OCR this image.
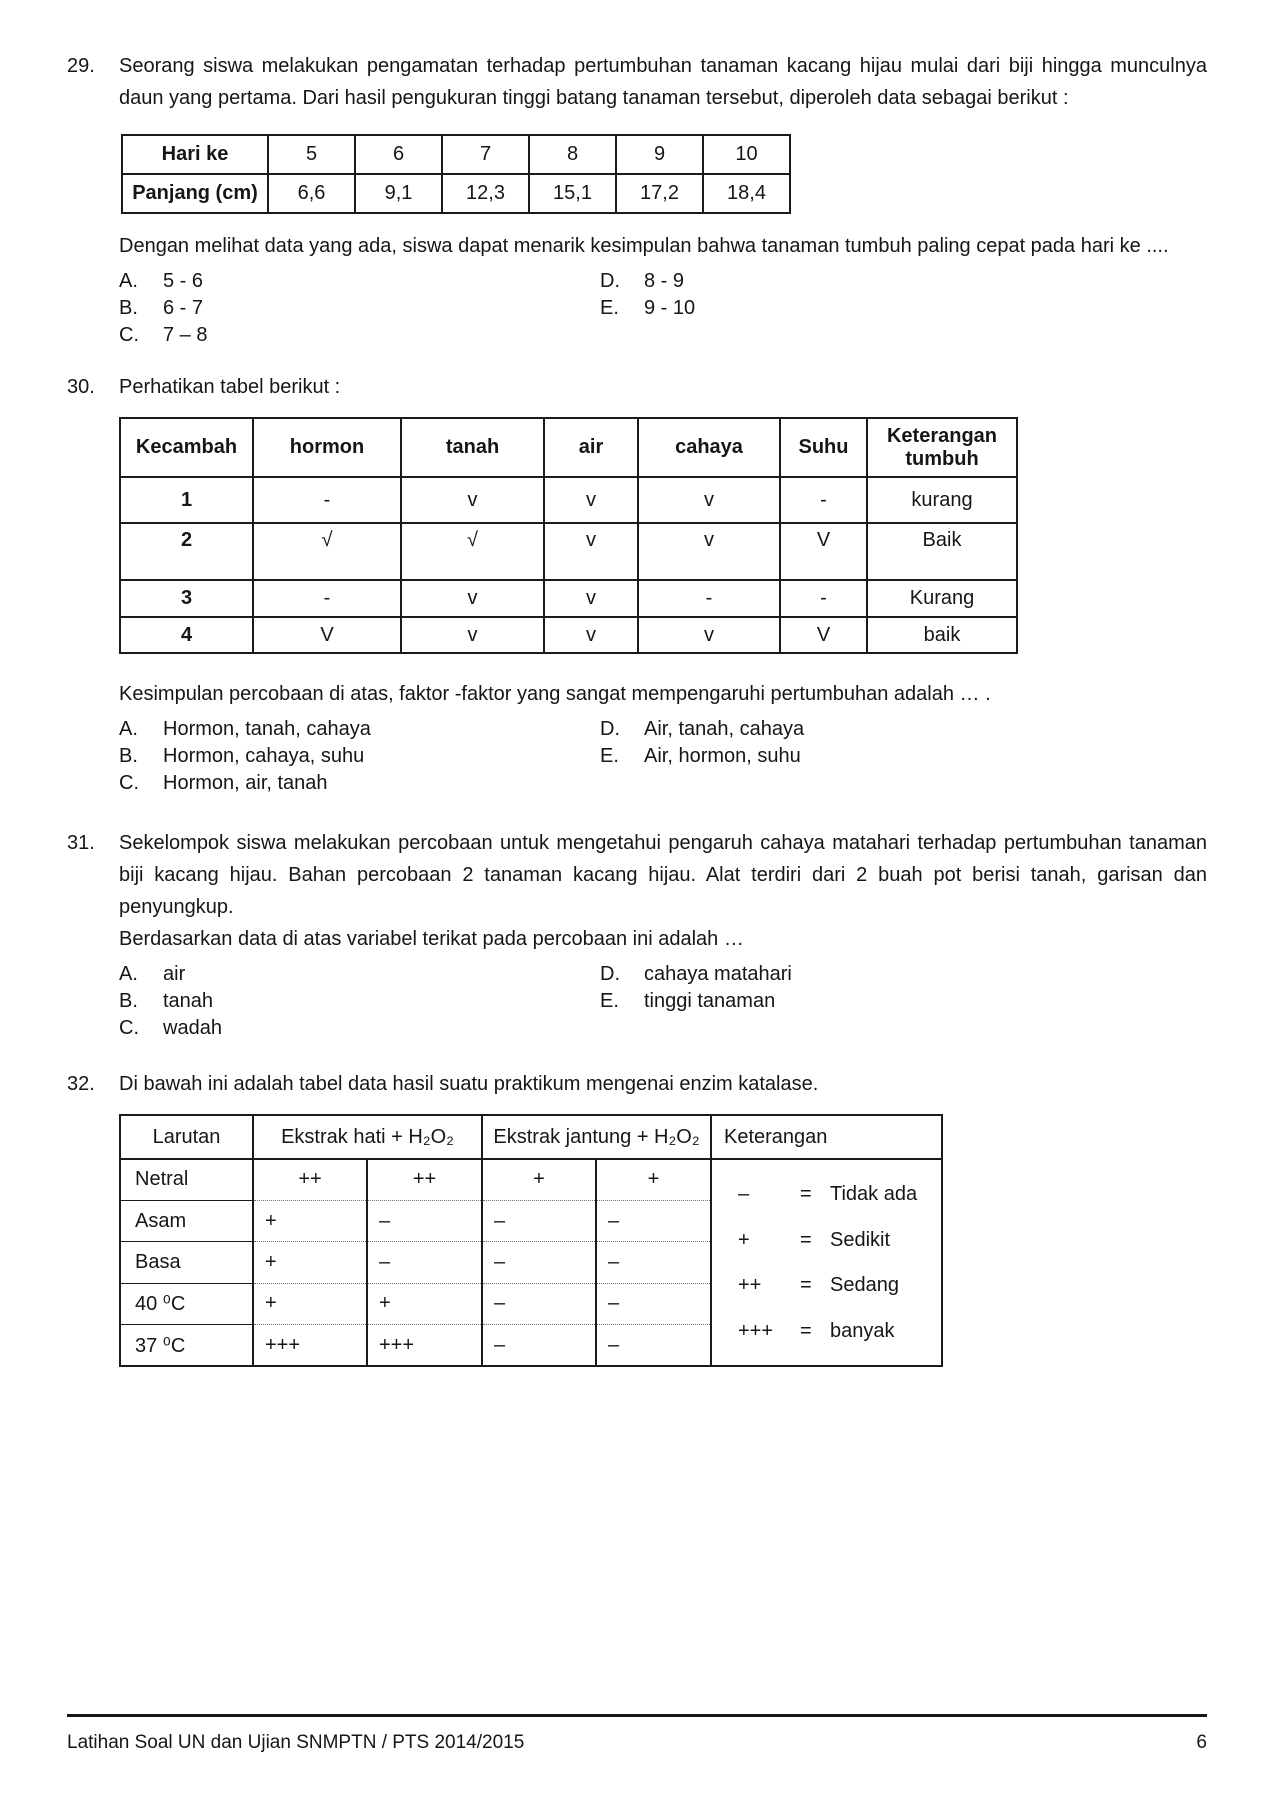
29.	Seorang siswa melakukan pengamatan terhadap pertumbuhan tanaman kacang hijau mulai dari biji hingga munculnya daun yang pertama. Dari hasil pengukuran tinggi batang tanaman tersebut, diperoleh data sebagai berikut :

Hari ke	5	6	7	8	9	10
Panjang (cm)	6,6	9,1	12,3	15,1	17,2	18,4

Dengan melihat data yang ada, siswa dapat menarik kesimpulan bahwa tanaman tumbuh paling cepat pada hari ke ....

A.	5 - 6	D.	8 - 9
B.	6 - 7	E.	9 - 10
C.	7 – 8
30.	Perhatikan tabel berikut :

Kecambah	hormon	tanah	air	cahaya	Suhu	Keterangan tumbuh
1	-	v	v	v	-	kurang
2	√	√	v	v	V	Baik
3	-	v	v	-	-	Kurang
4	V	v	v	v	V	baik

Kesimpulan percobaan di atas, faktor -faktor yang sangat mempengaruhi pertumbuhan adalah … .

A.	Hormon, tanah, cahaya	D.	Air, tanah, cahaya
B.	Hormon, cahaya, suhu	E.	Air, hormon, suhu
C.	Hormon, air, tanah
31.	Sekelompok siswa melakukan percobaan untuk mengetahui pengaruh cahaya matahari terhadap pertumbuhan tanaman biji kacang hijau. Bahan percobaan 2 tanaman kacang hijau. Alat terdiri dari 2 buah pot berisi tanah, garisan dan penyungkup.

Berdasarkan data di atas variabel terikat pada percobaan ini adalah …

A.	air	D.	cahaya matahari
B.	tanah	E.	tinggi tanaman
C.	wadah
32.	Di bawah ini adalah tabel data hasil suatu praktikum mengenai enzim katalase.

Larutan	Ekstrak hati + H₂O₂		Ekstrak jantung + H₂O₂		Keterangan
Netral	++	++	+	+	
–	= Tidak ada
+	= Sedikit
++	= Sedang
+++	= banyak

Asam	+	–	–	–	
Basa	+	–	–	–	
40 ⁰C	+	+	–	–	
37 ⁰C	+++	+++	–	–	
Latihan Soal UN dan Ujian SNMPTN / PTS 2014/2015	6
